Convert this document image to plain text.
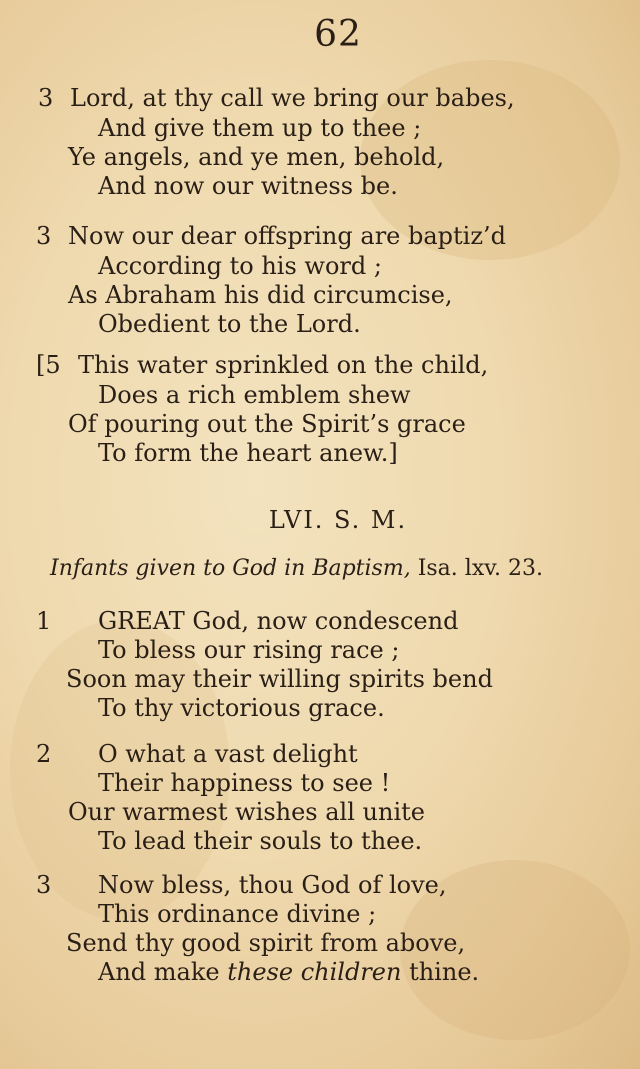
62
3 Lord, at thy call we bring our babes,
And give them up to thee ;
Ye angels, and ye men, behold,
And now our witness be.
3 Now our dear offspring are baptiz’d
According to his word ;
As Abraham his did circumcise,
Obedient to the Lord.
[5 This water sprinkled on the child,
Does a rich emblem shew
Of pouring out the Spirit’s grace
To form the heart anew.]
LVI. S. M.
Infants given to God in Baptism, Isa. lxv. 23.
1 GREAT God, now condescend
To bless our rising race ;
Soon may their willing spirits bend
To thy victorious grace.
2 O what a vast delight
Their happiness to see !
Our warmest wishes all unite
To lead their souls to thee.
3 Now bless, thou God of love,
This ordinance divine ;
Send thy good spirit from above,
And make these children thine.
